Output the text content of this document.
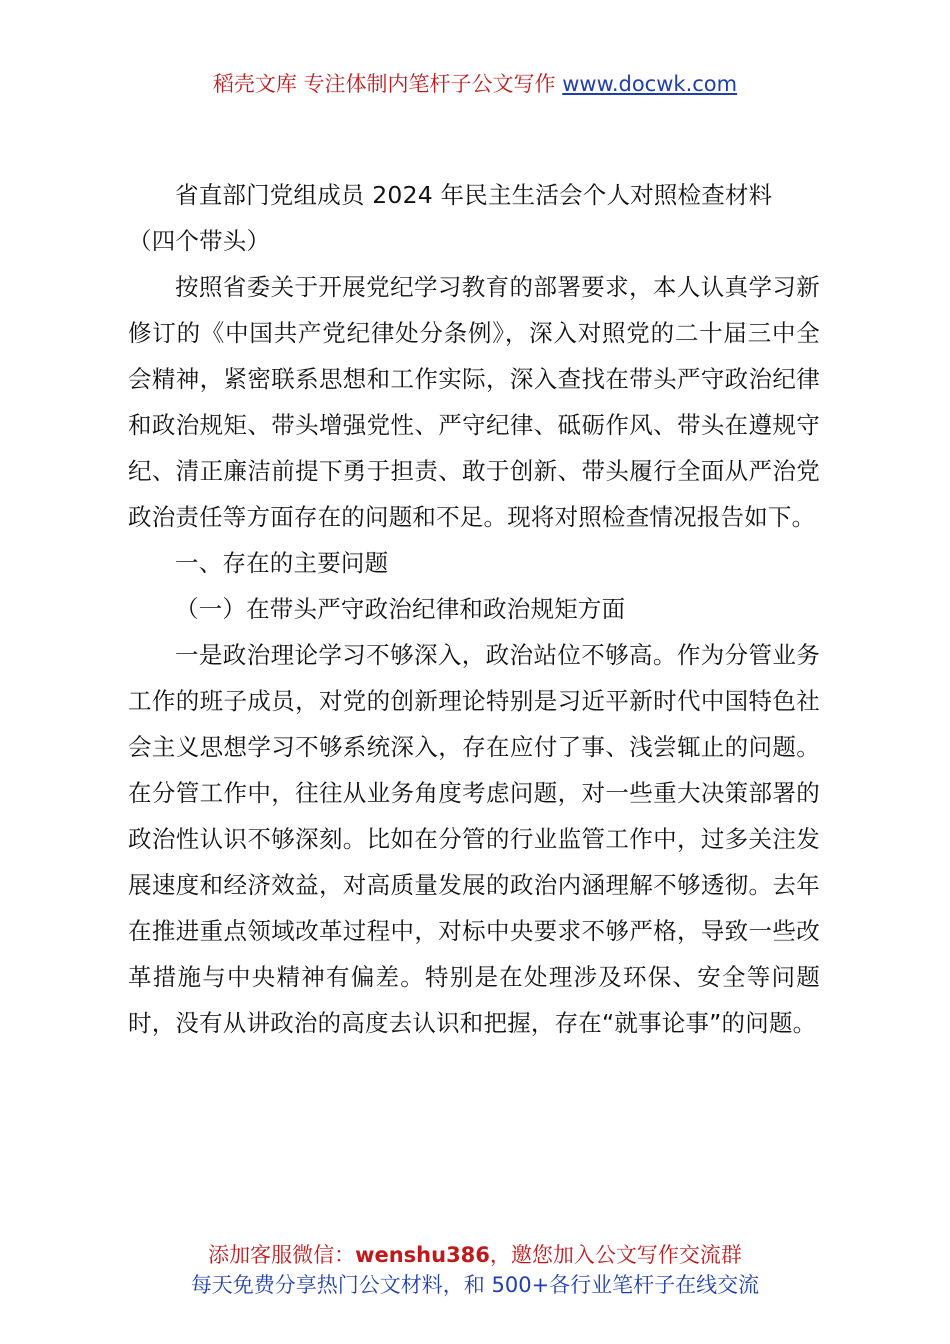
稻壳文库 专注体制内笔杆子公文写作 www.docwk.com

省直部门党组成员 2024 年民主生活会个人对照检查材料

（四个带头）

按照省委关于开展党纪学习教育的部署要求，本人认真学习新修订的《中国共产党纪律处分条例》，深入对照党的二十届三中全会精神，紧密联系思想和工作实际，深入查找在带头严守政治纪律和政治规矩、带头增强党性、严守纪律、砥砺作风、带头在遵规守纪、清正廉洁前提下勇于担责、敢于创新、带头履行全面从严治党政治责任等方面存在的问题和不足。现将对照检查情况报告如下。

一、存在的主要问题

（一）在带头严守政治纪律和政治规矩方面

一是政治理论学习不够深入，政治站位不够高。作为分管业务工作的班子成员，对党的创新理论特别是习近平新时代中国特色社会主义思想学习不够系统深入，存在应付了事、浅尝辄止的问题。在分管工作中，往往从业务角度考虑问题，对一些重大决策部署的政治性认识不够深刻。比如在分管的行业监管工作中，过多关注发展速度和经济效益，对高质量发展的政治内涵理解不够透彻。去年在推进重点领域改革过程中，对标中央要求不够严格，导致一些改革措施与中央精神有偏差。特别是在处理涉及环保、安全等问题时，没有从讲政治的高度去认识和把握，存在“就事论事”的问题。

添加客服微信：wenshu386，邀您加入公文写作交流群
每天免费分享热门公文材料，和 500+各行业笔杆子在线交流
